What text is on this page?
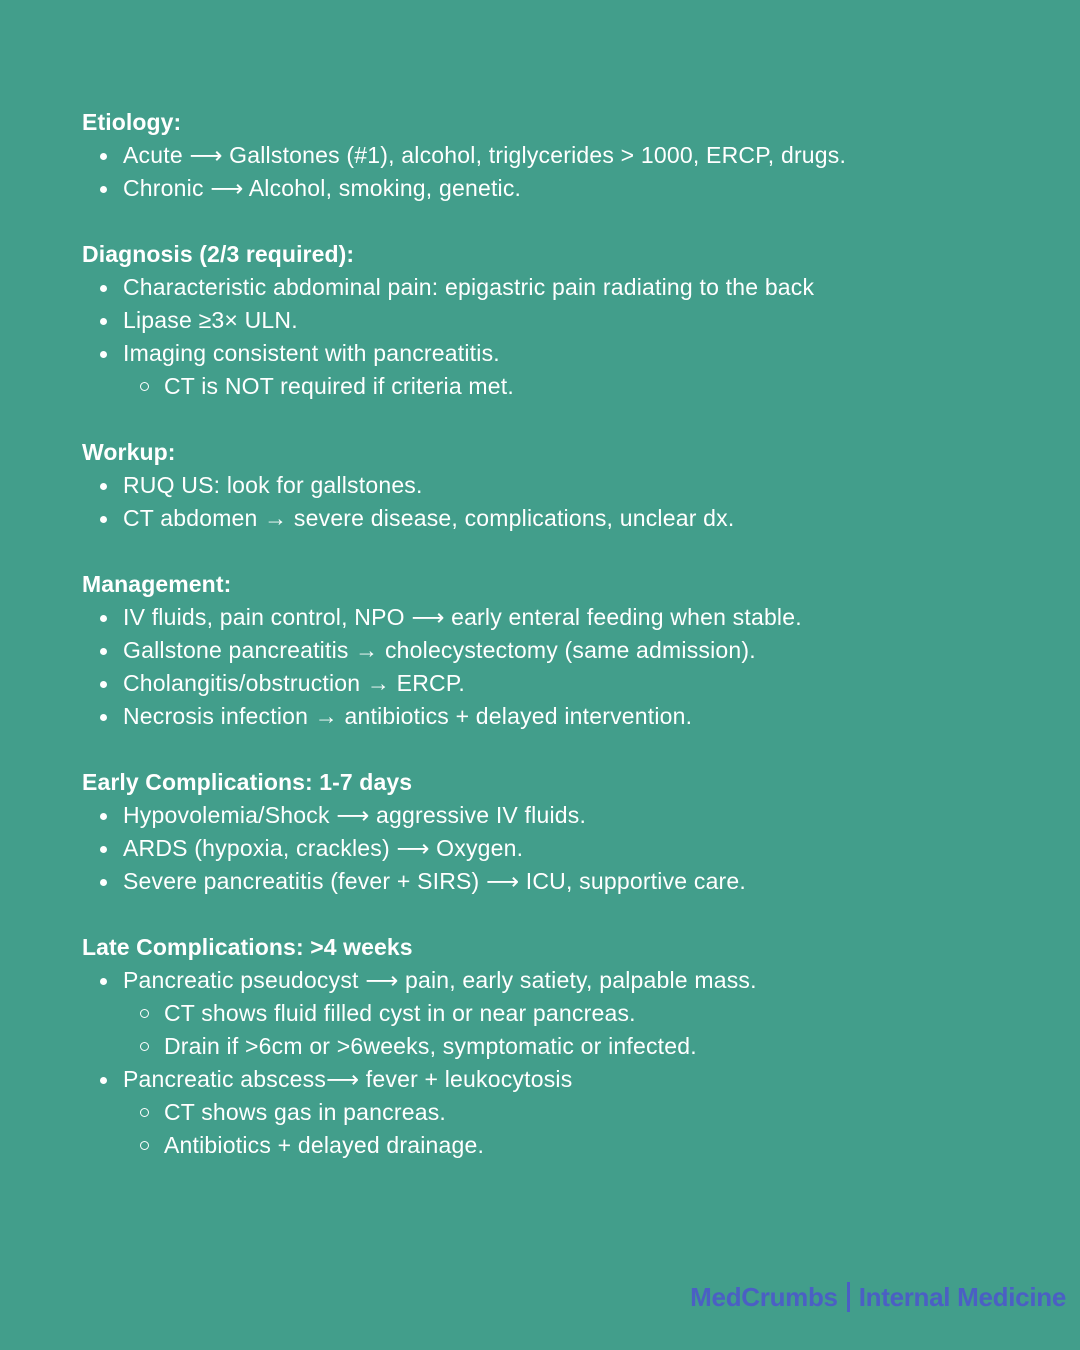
Etiology:
Acute ⟶ Gallstones (#1), alcohol, triglycerides > 1000, ERCP, drugs.
Chronic ⟶ Alcohol, smoking, genetic.
Diagnosis (2/3 required):
Characteristic abdominal pain: epigastric pain radiating to the back
Lipase ≥3× ULN.
Imaging consistent with pancreatitis.
CT is NOT required if criteria met.
Workup:
RUQ US: look for gallstones.
CT abdomen → severe disease, complications, unclear dx.
Management:
IV fluids, pain control, NPO ⟶ early enteral feeding when stable.
Gallstone pancreatitis → cholecystectomy (same admission).
Cholangitis/obstruction → ERCP.
Necrosis infection → antibiotics + delayed intervention.
Early Complications: 1-7 days
Hypovolemia/Shock ⟶ aggressive IV fluids.
ARDS (hypoxia, crackles) ⟶ Oxygen.
Severe pancreatitis (fever + SIRS) ⟶ ICU, supportive care.
Late Complications: >4 weeks
Pancreatic pseudocyst ⟶ pain, early satiety, palpable mass.
CT shows fluid filled cyst in or near pancreas.
Drain if >6cm or >6weeks, symptomatic or infected.
Pancreatic abscess⟶ fever + leukocytosis
CT shows gas in pancreas.
Antibiotics + delayed drainage.
MedCrumbs Internal Medicine
